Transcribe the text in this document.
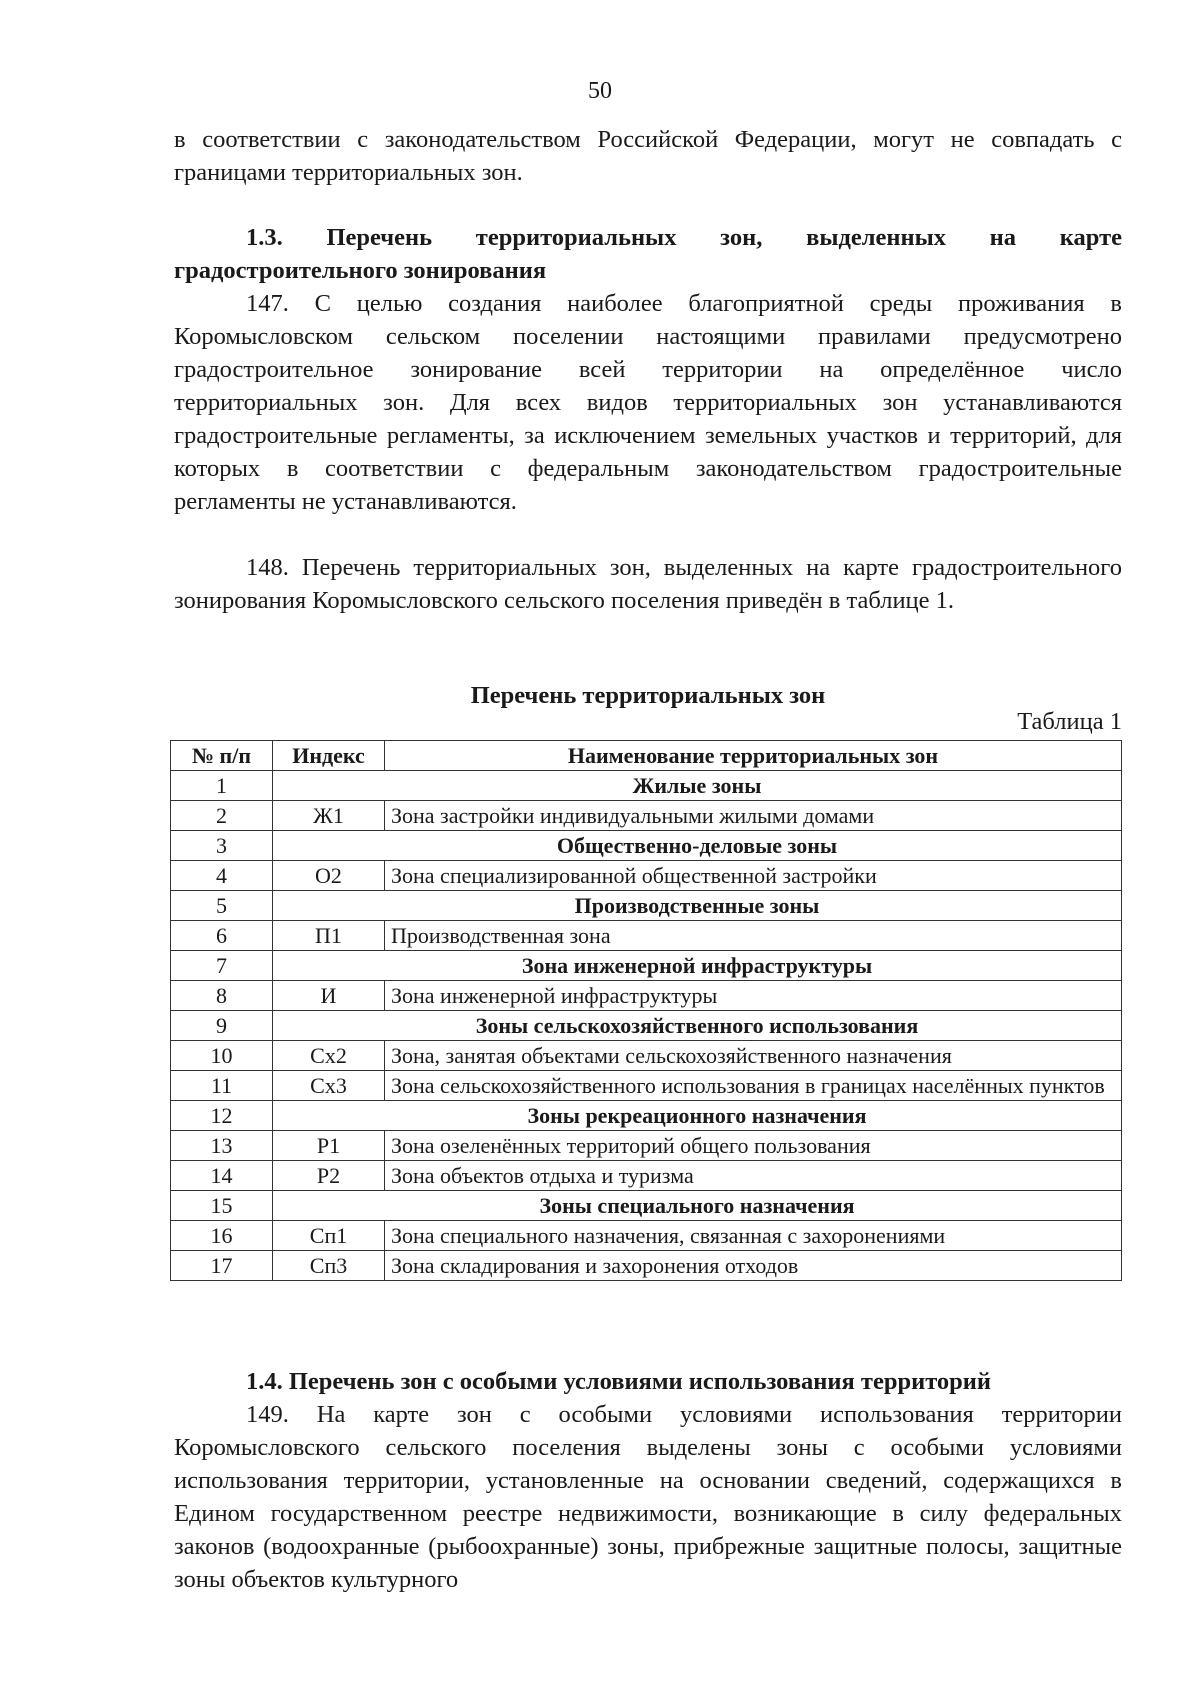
50
в соответствии с законодательством Российской Федерации, могут не совпадать с границами территориальных зон.
1.3. Перечень территориальных зон, выделенных на карте градостроительного зонирования
147. С целью создания наиболее благоприятной среды проживания в Коромысловском сельском поселении настоящими правилами предусмотрено градостроительное зонирование всей территории на определённое число территориальных зон. Для всех видов территориальных зон устанавливаются градостроительные регламенты, за исключением земельных участков и территорий, для которых в соответствии с федеральным законодательством градостроительные регламенты не устанавливаются.
148. Перечень территориальных зон, выделенных на карте градостроительного зонирования Коромысловского сельского поселения приведён в таблице 1.
Перечень территориальных зон
Таблица 1
№ п/п	Индекс	Наименование территориальных зон
1	Жилые зоны	
2	Ж1	Зона застройки индивидуальными жилыми домами
3	Общественно-деловые зоны	
4	О2	Зона специализированной общественной застройки
5	Производственные зоны	
6	П1	Производственная зона
7	Зона инженерной инфраструктуры	
8	И	Зона инженерной инфраструктуры
9	Зоны сельскохозяйственного использования	
10	Сх2	Зона, занятая объектами сельскохозяйственного назначения
11	Сх3	Зона сельскохозяйственного использования в границах населённых пунктов
12	Зоны рекреационного назначения	
13	Р1	Зона озеленённых территорий общего пользования
14	Р2	Зона объектов отдыха и туризма
15	Зоны специального назначения	
16	Сп1	Зона специального назначения, связанная с захоронениями
17	Сп3	Зона складирования и захоронения отходов
1.4. Перечень зон с особыми условиями использования территорий
149. На карте зон с особыми условиями использования территории Коромысловского сельского поселения выделены зоны с особыми условиями использования территории, установленные на основании сведений, содержащихся в Едином государственном реестре недвижимости, возникающие в силу федеральных законов (водоохранные (рыбоохранные) зоны, прибрежные защитные полосы, защитные зоны объектов культурного
